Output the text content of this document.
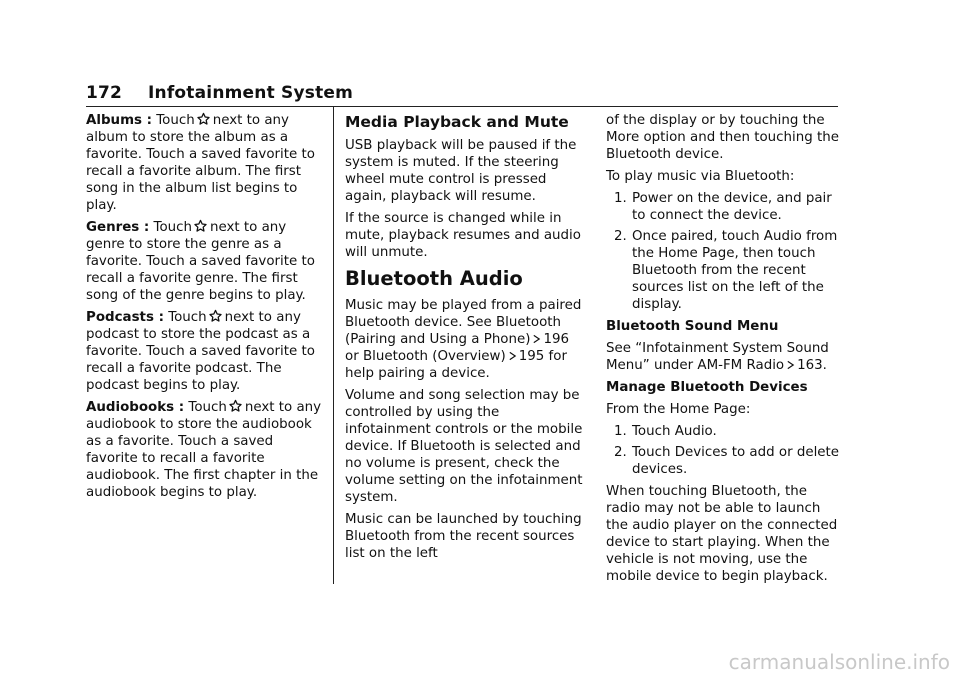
172 Infotainment System

Albums : Touch next to any album to store the album as a favorite. Touch a saved favorite to recall a favorite album. The first song in the album list begins to play.

Genres : Touch next to any genre to store the genre as a favorite. Touch a saved favorite to recall a favorite genre. The first song of the genre begins to play.

Podcasts : Touch next to any podcast to store the podcast as a favorite. Touch a saved favorite to recall a favorite podcast. The podcast begins to play.

Audiobooks : Touch next to any audiobook to store the audiobook as a favorite. Touch a saved favorite to recall a favorite audiobook. The first chapter in the audiobook begins to play.

Media Playback and Mute

USB playback will be paused if the system is muted. If the steering wheel mute control is pressed again, playback will resume.

If the source is changed while in mute, playback resumes and audio will unmute.

Bluetooth Audio

Music may be played from a paired Bluetooth device. See Bluetooth (Pairing and Using a Phone) 196 or Bluetooth (Overview) 195 for help pairing a device.

Volume and song selection may be controlled by using the infotainment controls or the mobile device. If Bluetooth is selected and no volume is present, check the volume setting on the infotainment system.

Music can be launched by touching Bluetooth from the recent sources list on the left

of the display or by touching the More option and then touching the Bluetooth device.

To play music via Bluetooth:

1. Power on the device, and pair to connect the device.
2. Once paired, touch Audio from the Home Page, then touch Bluetooth from the recent sources list on the left of the display.

Bluetooth Sound Menu

See “Infotainment System Sound Menu” under AM-FM Radio 163.

Manage Bluetooth Devices

From the Home Page:

1. Touch Audio.
2. Touch Devices to add or delete devices.

When touching Bluetooth, the radio may not be able to launch the audio player on the connected device to start playing. When the vehicle is not moving, use the mobile device to begin playback.

carmanualsonline.info
